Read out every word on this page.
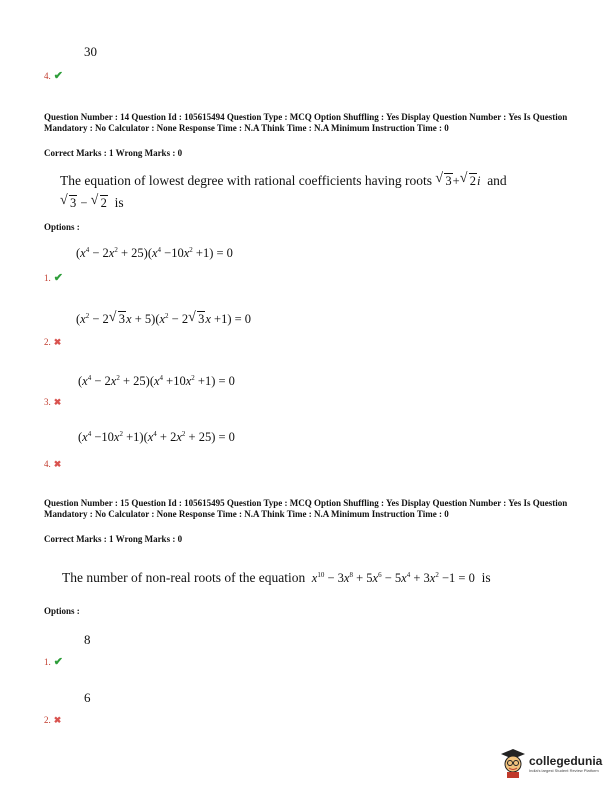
30
4. ✔
Question Number : 14 Question Id : 105615494 Question Type : MCQ Option Shuffling : Yes Display Question Number : Yes Is Question Mandatory : No Calculator : None Response Time : N.A Think Time : N.A Minimum Instruction Time : 0
Correct Marks : 1 Wrong Marks : 0
The equation of lowest degree with rational coefficients having roots √ 3+√ 2i and
√ 3 − √ 2 is
Options :
$(x^4 - 2x^2 + 25)(x^4 -10x^2 +1) = 0$
1. ✔
($x^2 - 2√$ $3x + 5)(x^2 - 2√$ 3x +1) = 0
2. ✖
$(x^4 - 2x^2 + 25)(x^4 +10x^2 +1) = 0$
3. ✖
$(x^4 -10x^2 +1)(x^4 + 2x^2 + 25) = 0$
4. ✖
Question Number : 15 Question Id : 105615495 Question Type : MCQ Option Shuffling : Yes Display Question Number : Yes Is Question Mandatory : No Calculator : None Response Time : N.A Think Time : N.A Minimum Instruction Time : 0
Correct Marks : 1 Wrong Marks : 0
The number of non-real roots of the equation $x^{10} - 3x^8 + 5x^6 - 5x^4 + 3x^2 -1 = 0$ is
Options :
8
1. ✔
6
2. ✖
collegedunia
India's largest Student Review Platform
